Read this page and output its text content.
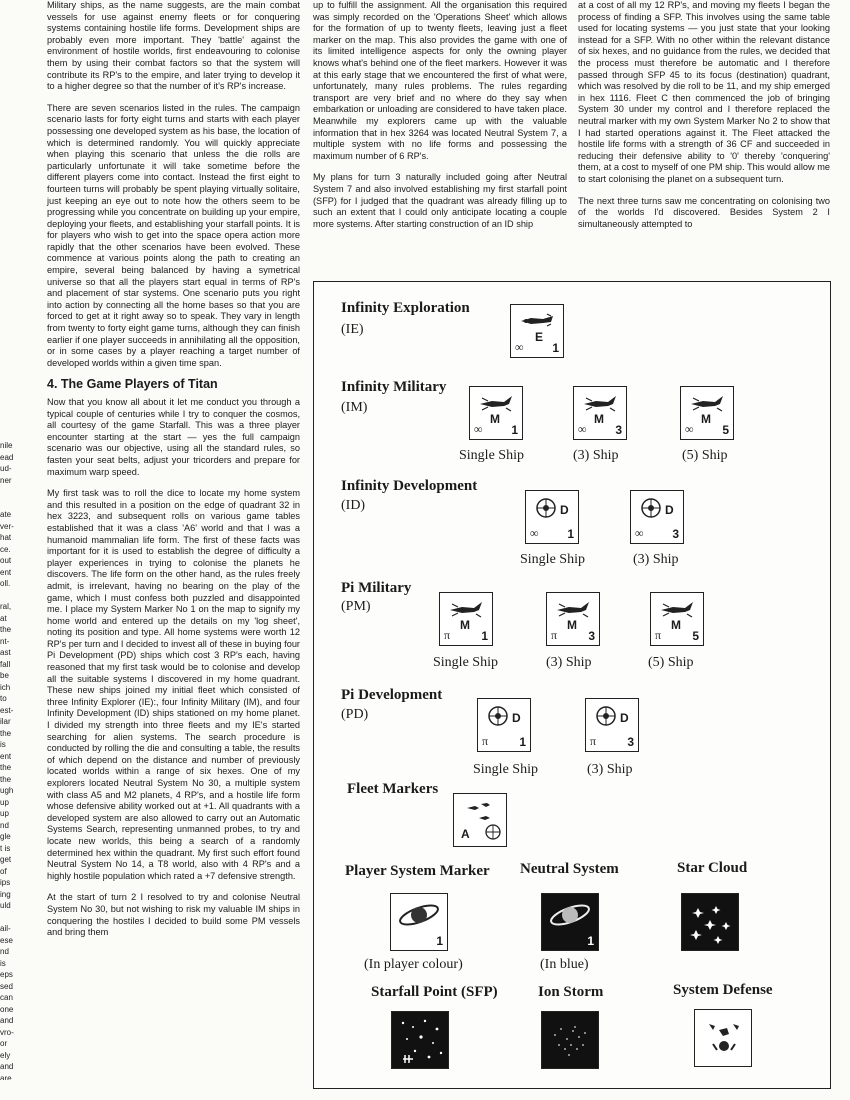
nile
ead
ud-
ner

ate
ver-
hat
ce.
out
ent
oll.

ral,
at
the
nt-
ast
fall
be
ich
to
est-
ilar
the
is
ent
the
the
ugh
up
up
nd
gle
t is
get
of
ips
ing
uld

ail-
ese
nd
is
eps
sed
can
one
and
vro-
or
ely
and
are

Military ships, as the name suggests, are the main combat vessels for use against enemy fleets or for conquering systems containing hostile life forms. Development ships are probably even more important. They 'battle' against the environment of hostile worlds, first endeavouring to colonise them by using their combat factors so that the system will contribute its RP's to the empire, and later trying to develop it to a higher degree so that the number of it's RP's increase.

There are seven scenarios listed in the rules. The campaign scenario lasts for forty eight turns and starts with each player possessing one developed system as his base, the location of which is determined randomly. You will quickly appreciate when playing this scenario that unless the die rolls are particularly unfortunate it will take sometime before the different players come into contact. Instead the first eight to fourteen turns will probably be spent playing virtually solitaire, just keeping an eye out to note how the others seem to be progressing while you concentrate on building up your empire, deploying your fleets, and establishing your starfall points. It is for players who wish to get into the space opera action more rapidly that the other scenarios have been evolved. These commence at various points along the path to creating an empire, several being balanced by having a symetrical universe so that all the players start equal in terms of RP's and placement of star systems. One scenario puts you right into action by connecting all the home bases so that you are forced to get at it right away so to speak. They vary in length from twenty to forty eight game turns, although they can finish earlier if one player succeeds in annihilating all the opposition, or in some cases by a player reaching a target number of developed worlds within a given time span.

4. The Game Players of Titan

Now that you know all about it let me conduct you through a typical couple of centuries while I try to conquer the cosmos, all courtesy of the game Starfall. This was a three player encounter starting at the start — yes the full campaign scenario was our objective, using all the standard rules, so fasten your seat belts, adjust your tricorders and prepare for maximum warp speed.

My first task was to roll the dice to locate my home system and this resulted in a position on the edge of quadrant 32 in hex 3223, and subsequent rolls on various game tables established that it was a class 'A6' world and that I was a humanoid mammalian life form. The first of these facts was important for it is used to establish the degree of difficulty a player experiences in trying to colonise the planets he discovers. The life form on the other hand, as the rules freely admit, is irrelevant, having no bearing on the play of the game, which I must confess both puzzled and disappointed me. I place my System Marker No 1 on the map to signify my home world and entered up the details on my 'log sheet', noting its position and type. All home systems were worth 12 RP's per turn and I decided to invest all of these in buying four Pi Development (PD) ships which cost 3 RP's each, having reasoned that my first task would be to colonise and develop all the suitable systems I discovered in my home quadrant. These new ships joined my initial fleet which consisted of three Infinity Explorer (IE):, four Infinity Military (IM), and four Infinity Development (ID) ships stationed on my home planet. I divided my strength into three fleets and my IE's started searching for alien systems. The search procedure is conducted by rolling the die and consulting a table, the results of which depend on the distance and number of previously located worlds within a range of six hexes. One of my explorers located Neutral System No 30, a multiple system with class A5 and M2 planets, 4 RP's, and a hostile life form whose defensive ability worked out at +1. All quadrants with a developed system are also allowed to carry out an Automatic Systems Search, representing unmanned probes, to try and locate new worlds, this being a search of a randomly determined hex within the quadrant. My first such effort found Neutral System No 14, a T8 world, also with 4 RP's and a highly hostile population which rated a +7 defensive strength.

At the start of turn 2 I resolved to try and colonise Neutral System No 30, but not wishing to risk my valuable IM ships in conquering the hostiles I decided to build some PM vessels and bring them

up to fulfill the assignment. All the organisation this required was simply recorded on the 'Operations Sheet' which allows for the formation of up to twenty fleets, leaving just a fleet marker on the map. This also provides the game with one of its limited intelligence aspects for only the owning player knows what's behind one of the fleet markers. However it was at this early stage that we encountered the first of what were, unfortunately, many rules problems. The rules regarding transport are very brief and no where do they say when embarkation or unloading are considered to have taken place. Meanwhile my explorers came up with the valuable information that in hex 3264 was located Neutral System 7, a multiple system with no life forms and possessing the maximum number of 6 RP's.

My plans for turn 3 naturally included going after Neutral System 7 and also involved establishing my first starfall point (SFP) for I judged that the quadrant was already filling up to such an extent that I could only anticipate locating a couple more systems. After starting construction of an ID ship

at a cost of all my 12 RP's, and moving my fleets I began the process of finding a SFP. This involves using the same table used for locating systems — you just state that your looking instead for a SFP. With no other within the relevant distance of six hexes, and no guidance from the rules, we decided that the process must therefore be automatic and I therefore passed through SFP 45 to its focus (destination) quadrant, which was resolved by die roll to be 11, and my ship emerged in hex 1116. Fleet C then commenced the job of bringing System 30 under my control and I therefore replaced the neutral marker with my own System Marker No 2 to show that I had started operations against it. The Fleet attacked the hostile life forms with a strength of 36 CF and succeeded in reducing their defensive ability to '0' thereby 'conquering' them, at a cost to myself of one PM ship. This would allow me to start colonising the planet on a subsequent turn.

The next three turns saw me concentrating on colonising two of the worlds I'd discovered. Besides System 2 I simultaneously attempted to

Infinity Exploration
(IE)	E
∞ 1
Infinity Military
(IM)
M
∞ 1
M
∞ 3
M
∞ 5
Single Ship	(3) Ship	(5) Ship
Infinity Development
(ID)	D
∞ 1
D
∞ 3
Single Ship	(3) Ship
Pi Military
(PM)
M
π	1
M
π	3
M
π	5
Single Ship	(3) Ship	(5) Ship
Pi Development
(PD)	D
π	1
D
π	3
Single Ship	(3) Ship
Fleet Markers
A
Player System Marker Neutral System	Star Cloud
1	1
(In player colour)	(In blue)
Starfall Point (SFP)	Ion Storm	System Defense
